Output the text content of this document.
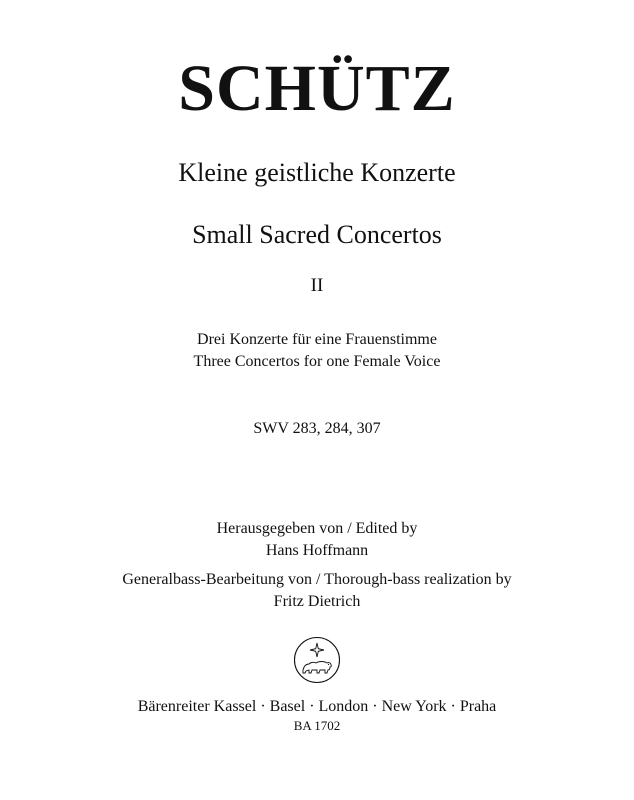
SCHÜTZ
Kleine geistliche Konzerte
Small Sacred Concertos
II
Drei Konzerte für eine Frauenstimme
Three Concertos for one Female Voice
SWV 283, 284, 307
Herausgegeben von / Edited by
Hans Hoffmann
Generalbass-Bearbeitung von / Thorough-bass realization by
Fritz Dietrich
Bärenreiter Kassel · Basel · London · New York · Praha
BA 1702
